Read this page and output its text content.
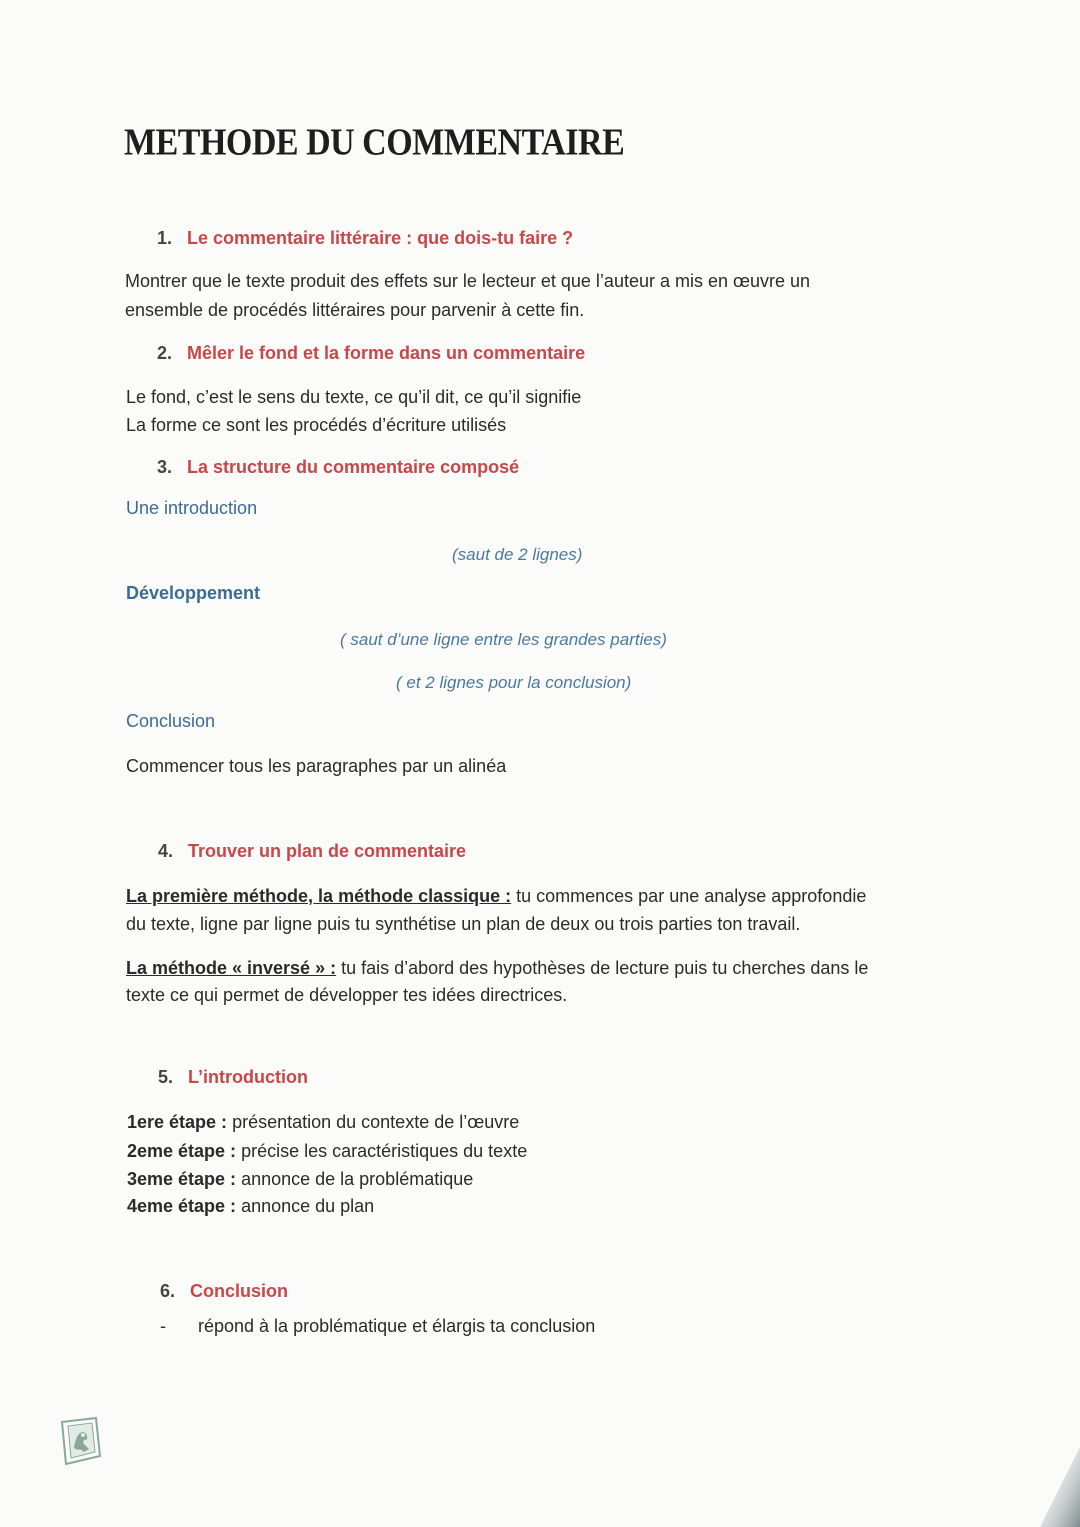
METHODE DU COMMENTAIRE
1. Le commentaire littéraire : que dois-tu faire ?
Montrer que le texte produit des effets sur le lecteur et que l’auteur a mis en œuvre un
ensemble de procédés littéraires pour parvenir à cette fin.
2. Mêler le fond et la forme dans un commentaire
Le fond, c’est le sens du texte, ce qu’il dit, ce qu’il signifie
La forme ce sont les procédés d’écriture utilisés
3. La structure du commentaire composé
Une introduction
(saut de 2 lignes)
Développement
( saut d’une ligne entre les grandes parties)
( et 2 lignes pour la conclusion)
Conclusion
Commencer tous les paragraphes par un alinéa
4. Trouver un plan de commentaire
La première méthode, la méthode classique : tu commences par une analyse approfondie
du texte, ligne par ligne puis tu synthétise un plan de deux ou trois parties ton travail.
La méthode « inversé » : tu fais d’abord des hypothèses de lecture puis tu cherches dans le
texte ce qui permet de développer tes idées directrices.
5. L’introduction
1ere étape : présentation du contexte de l’œuvre
2eme étape : précise les caractéristiques du texte
3eme étape : annonce de la problématique
4eme étape : annonce du plan
6. Conclusion
- répond à la problématique et élargis ta conclusion
